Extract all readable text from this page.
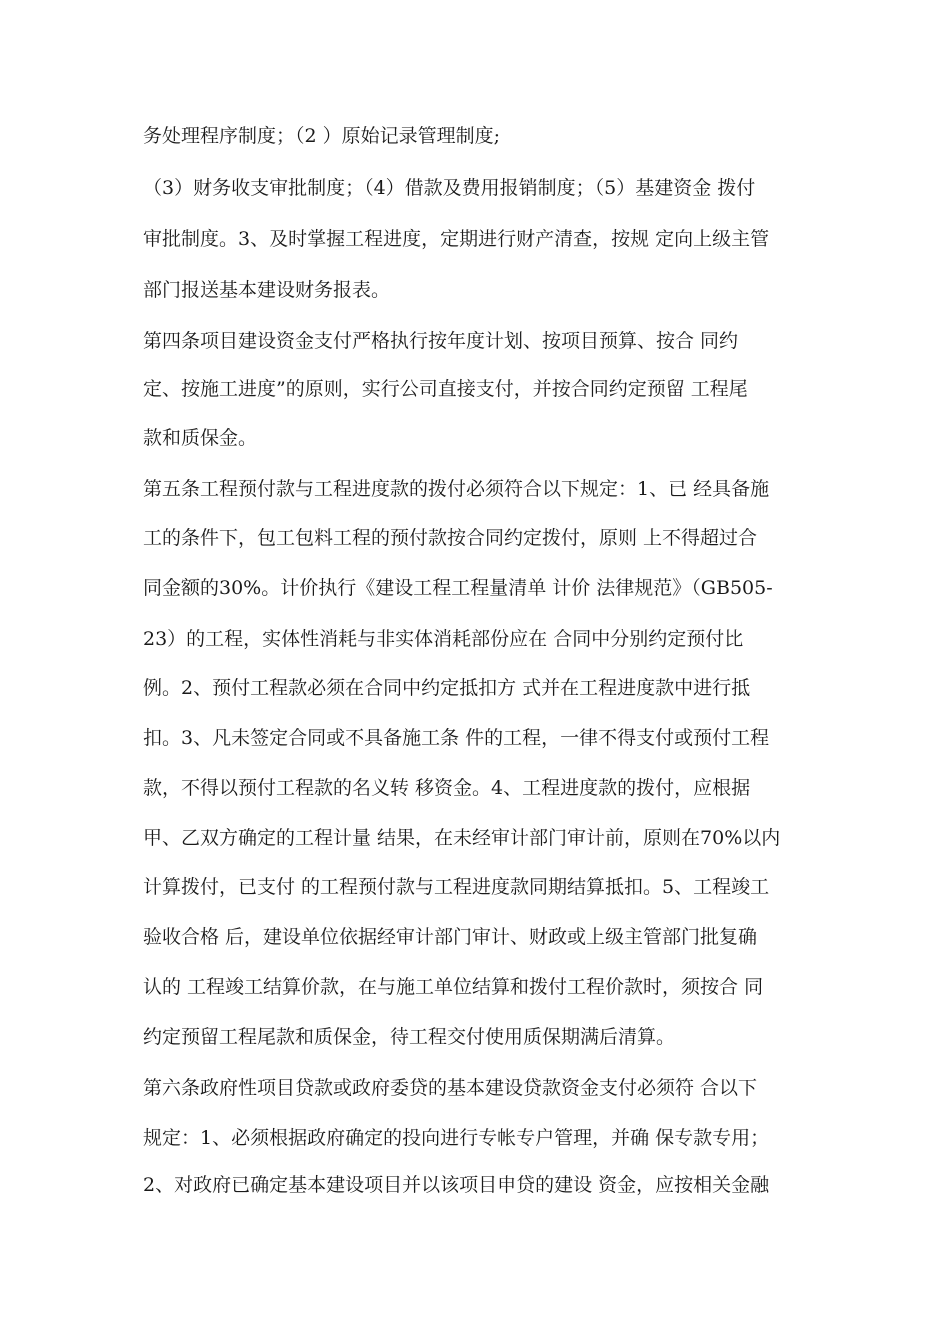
务处理程序制度；（2 ）原始记录管理制度;
（3）财务收支审批制度；（4）借款及费用报销制度；（5）基建资金 拨付
审批制度。3、及时掌握工程进度，定期进行财产清查，按规 定向上级主管
部门报送基本建设财务报表。
第四条项目建设资金支付严格执行按年度计划、按项目预算、按合 同约
定、按施工进度”的原则，实行公司直接支付，并按合同约定预留 工程尾
款和质保金。
第五条工程预付款与工程进度款的拨付必须符合以下规定：1、已 经具备施
工的条件下，包工包料工程的预付款按合同约定拨付，原则 上不得超过合
同金额的30%。计价执行《建设工程工程量清单 计价 法律规范》（GB505-
23）的工程，实体性消耗与非实体消耗部份应在 合同中分别约定预付比
例。2、预付工程款必须在合同中约定抵扣方 式并在工程进度款中进行抵
扣。3、凡未签定合同或不具备施工条 件的工程，一律不得支付或预付工程
款，不得以预付工程款的名义转 移资金。4、工程进度款的拨付，应根据
甲、乙双方确定的工程计量 结果，在未经审计部门审计前，原则在70%以内
计算拨付，已支付 的工程预付款与工程进度款同期结算抵扣。5、工程竣工
验收合格 后，建设单位依据经审计部门审计、财政或上级主管部门批复确
认的 工程竣工结算价款，在与施工单位结算和拨付工程价款时，须按合 同
约定预留工程尾款和质保金，待工程交付使用质保期满后清算。
第六条政府性项目贷款或政府委贷的基本建设贷款资金支付必须符 合以下
规定：1、必须根据政府确定的投向进行专帐专户管理，并确 保专款专用；
2、对政府已确定基本建设项目并以该项目申贷的建设 资金，应按相关金融
